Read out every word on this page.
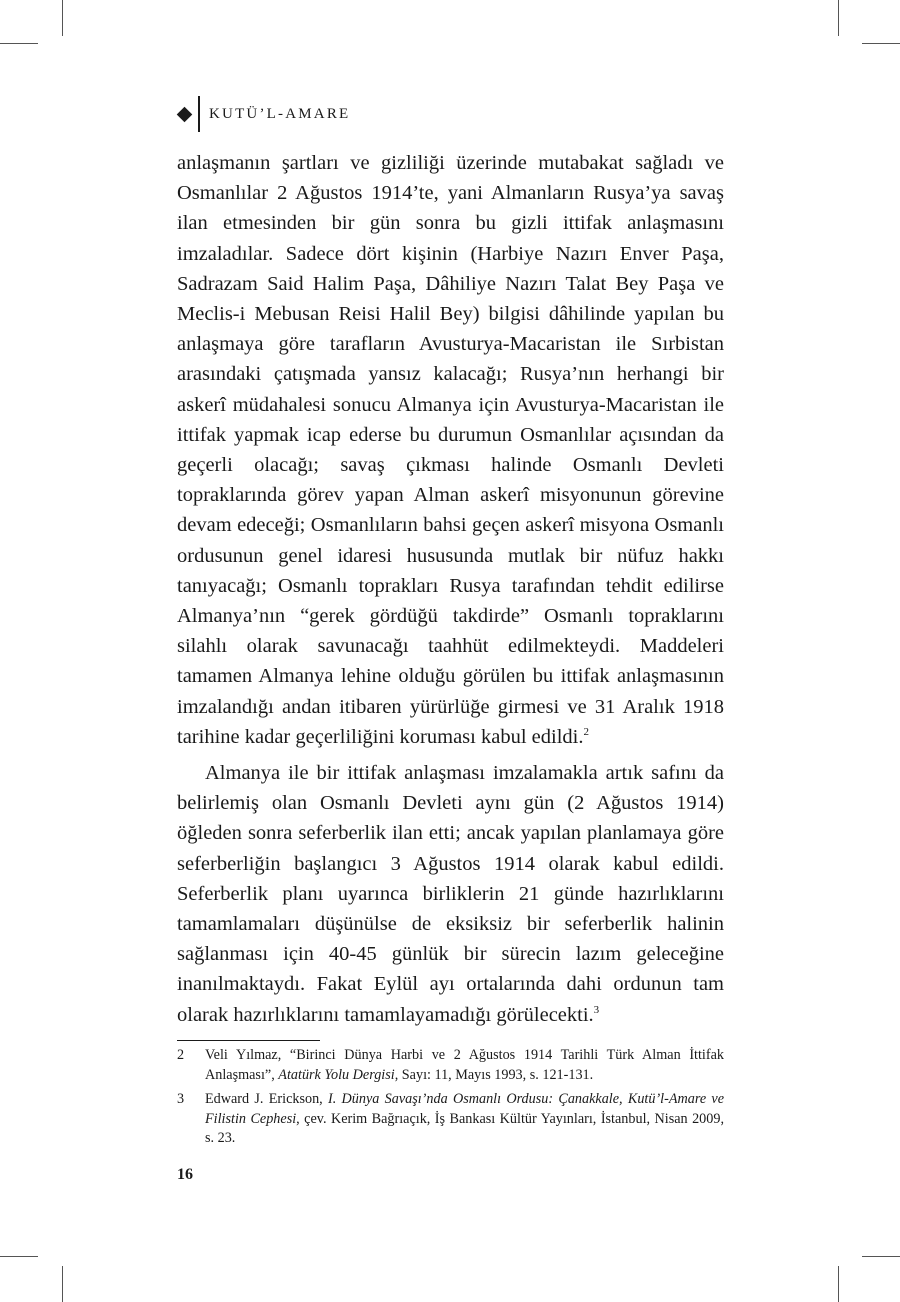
KUTÜ’L-AMARE

anlaşmanın şartları ve gizliliği üzerinde mutabakat sağladı ve Osmanlılar 2 Ağustos 1914’te, yani Almanların Rusya’ya savaş ilan etmesinden bir gün sonra bu gizli ittifak anlaşmasını imzaladılar. Sadece dört kişinin (Harbiye Nazırı Enver Paşa, Sadrazam Said Halim Paşa, Dâhiliye Nazırı Talat Bey Paşa ve Meclis-i Mebusan Reisi Halil Bey) bilgisi dâhilinde yapılan bu anlaşmaya göre tarafların Avusturya-Macaristan ile Sırbistan arasındaki çatışmada yansız kalacağı; Rusya’nın herhangi bir askerî müdahalesi sonucu Almanya için Avusturya-Macaristan ile ittifak yapmak icap ederse bu durumun Osmanlılar açısından da geçerli olacağı; savaş çıkması halinde Osmanlı Devleti topraklarında görev yapan Alman askerî misyonunun görevine devam edeceği; Osmanlıların bahsi geçen askerî misyona Osmanlı ordusunun genel idaresi hususunda mutlak bir nüfuz hakkı tanıyacağı; Osmanlı toprakları Rusya tarafından tehdit edilirse Almanya’nın “gerek gördüğü takdirde” Osmanlı topraklarını silahlı olarak savunacağı taahhüt edilmekteydi. Maddeleri tamamen Almanya lehine olduğu görülen bu ittifak anlaşmasının imzalandığı andan itibaren yürürlüğe girmesi ve 31 Aralık 1918 tarihine kadar geçerliliğini koruması kabul edildi.$^2$

Almanya ile bir ittifak anlaşması imzalamakla artık safını da belirlemiş olan Osmanlı Devleti aynı gün (2 Ağustos 1914) öğleden sonra seferberlik ilan etti; ancak yapılan planlamaya göre seferberliğin başlangıcı 3 Ağustos 1914 olarak kabul edildi. Seferberlik planı uyarınca birliklerin 21 günde hazırlıklarını tamamlamaları düşünülse de eksiksiz bir seferberlik halinin sağlanması için 40-45 günlük bir sürecin lazım geleceğine inanılmaktaydı. Fakat Eylül ayı ortalarında dahi ordunun tam olarak hazırlıklarını tamamlayamadığı görülecekti.$^3$

2	Veli Yılmaz, “Birinci Dünya Harbi ve 2 Ağustos 1914 Tarihli Türk Alman İttifak Anlaşması”, Atatürk Yolu Dergisi, Sayı: 11, Mayıs 1993, s. 121-131.
3	Edward J. Erickson, I. Dünya Savaşı’nda Osmanlı Ordusu: Çanakkale, Kutü’l-Amare ve Filistin Cephesi, çev. Kerim Bağrıaçık, İş Bankası Kültür Yayınları, İstanbul, Nisan 2009, s. 23.
16
